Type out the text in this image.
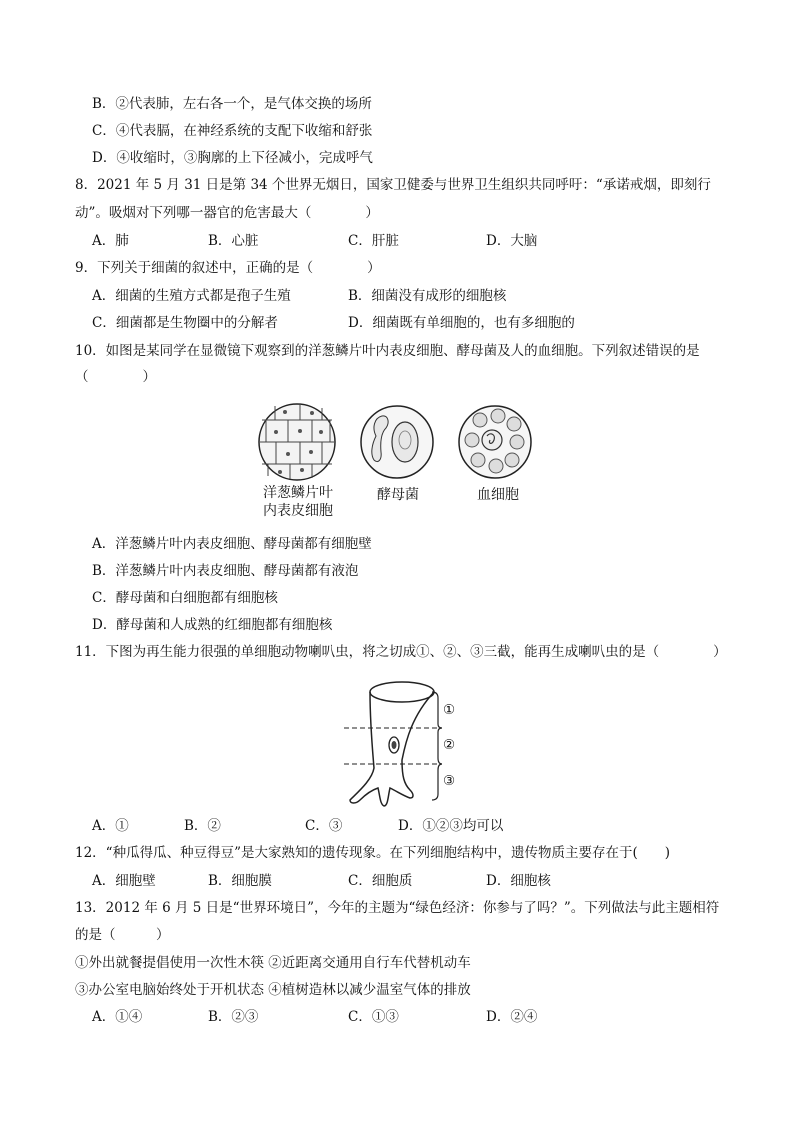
B．②代表肺，左右各一个，是气体交换的场所
C．④代表膈，在神经系统的支配下收缩和舒张
D．④收缩时，③胸廓的上下径减小，完成呼气
8．2021 年 5 月 31 日是第 34 个世界无烟日，国家卫健委与世界卫生组织共同呼吁：“承诺戒烟，即刻行
动”。吸烟对下列哪一器官的危害最大（　　　　）
A．肺	B．心脏	C．肝脏	D．大脑
9．下列关于细菌的叙述中，正确的是（　　　　）
A．细菌的生殖方式都是孢子生殖	B．细菌没有成形的细胞核
C．细菌都是生物圈中的分解者	D．细菌既有单细胞的，也有多细胞的
10．如图是某同学在显微镜下观察到的洋葱鳞片叶内表皮细胞、酵母菌及人的血细胞。下列叙述错误的是
（　　　　）
洋葱鳞片叶
内表皮细胞
酵母菌	血细胞
A．洋葱鳞片叶内表皮细胞、酵母菌都有细胞壁
B．洋葱鳞片叶内表皮细胞、酵母菌都有液泡
C．酵母菌和白细胞都有细胞核
D．酵母菌和人成熟的红细胞都有细胞核
11．下图为再生能力很强的单细胞动物喇叭虫，将之切成①、②、③三截，能再生成喇叭虫的是（　　　　）
①
②
③
A．①	B．②	C．③	D．①②③均可以
12．“种瓜得瓜、种豆得豆”是大家熟知的遗传现象。在下列细胞结构中，遗传物质主要存在于(　　)
A．细胞壁	B．细胞膜	C．细胞质	D．细胞核
13．2012 年 6 月 5 日是“世界环境日”，今年的主题为“绿色经济：你参与了吗？”。下列做法与此主题相符
的是（　　　）
①外出就餐提倡使用一次性木筷 ②近距离交通用自行车代替机动车
③办公室电脑始终处于开机状态 ④植树造林以减少温室气体的排放
A．①④	B．②③	C．①③	D．②④
